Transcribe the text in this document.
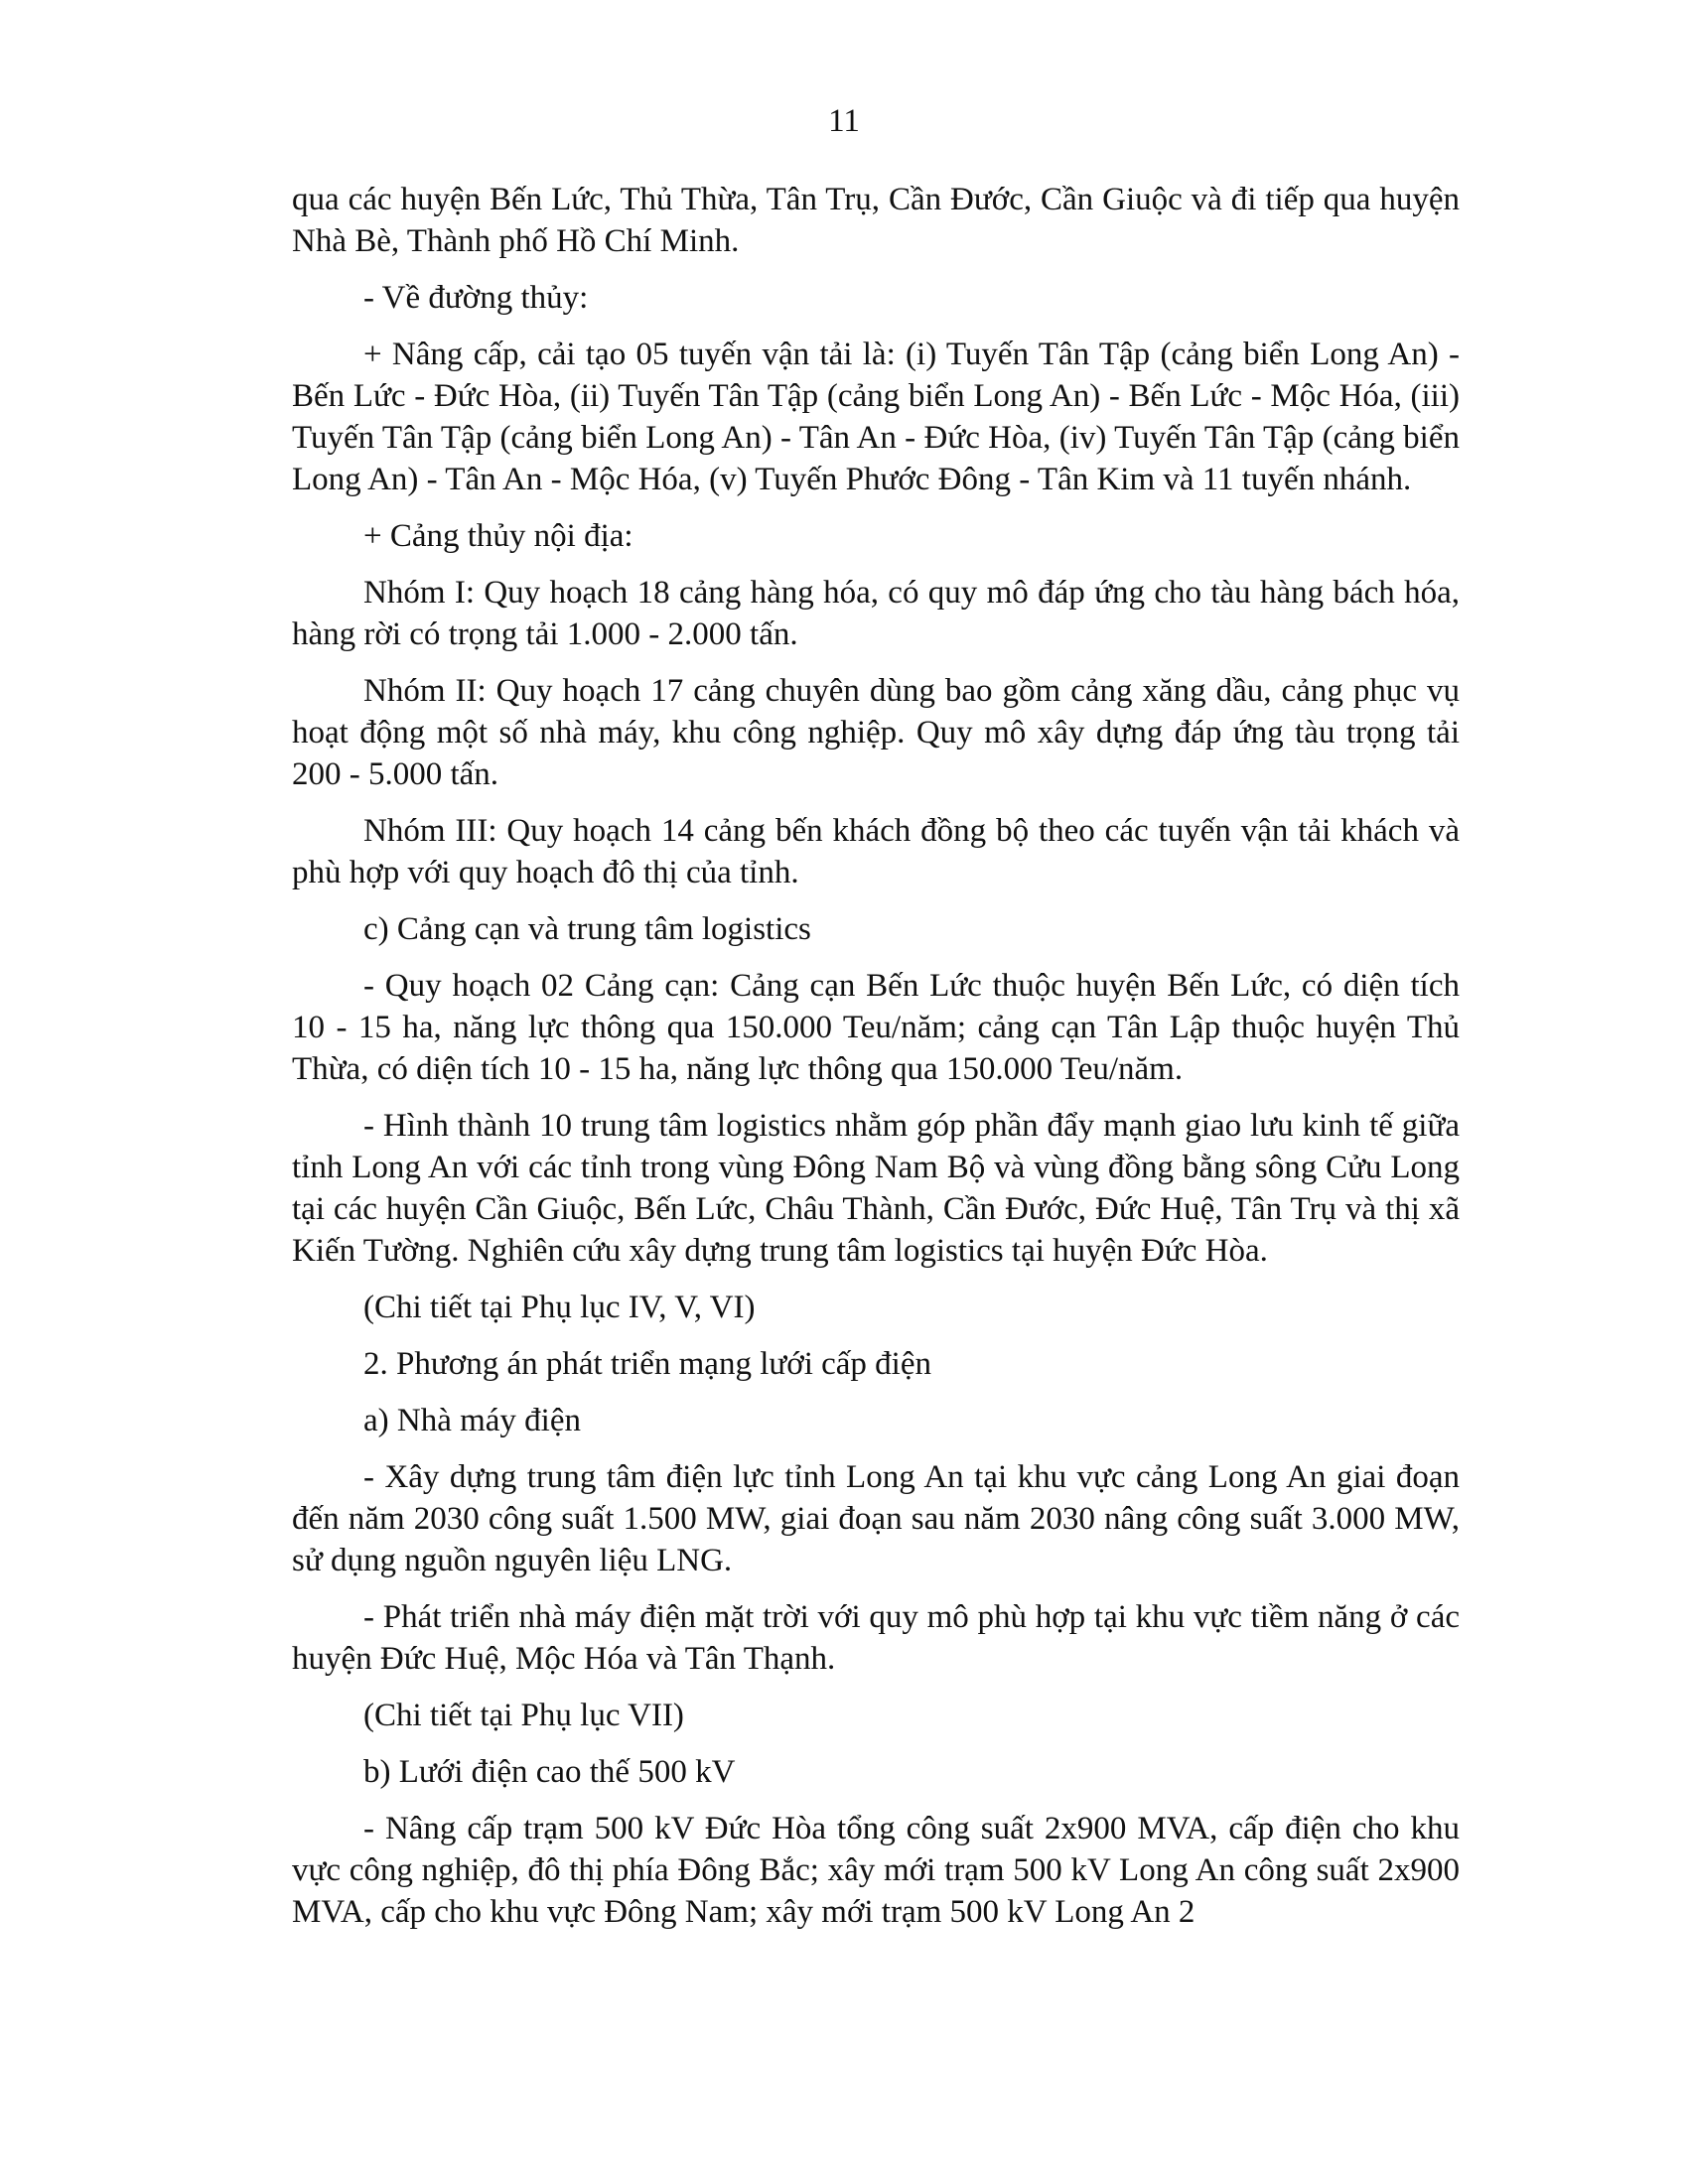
11

qua các huyện Bến Lức, Thủ Thừa, Tân Trụ, Cần Đước, Cần Giuộc và đi tiếp qua huyện Nhà Bè, Thành phố Hồ Chí Minh.

- Về đường thủy:

+ Nâng cấp, cải tạo 05 tuyến vận tải là: (i) Tuyến Tân Tập (cảng biển Long An) - Bến Lức - Đức Hòa, (ii) Tuyến Tân Tập (cảng biển Long An) - Bến Lức - Mộc Hóa, (iii) Tuyến Tân Tập (cảng biển Long An) - Tân An - Đức Hòa, (iv) Tuyến Tân Tập (cảng biển Long An) - Tân An - Mộc Hóa, (v) Tuyến Phước Đông - Tân Kim và 11 tuyến nhánh.

+ Cảng thủy nội địa:

Nhóm I: Quy hoạch 18 cảng hàng hóa, có quy mô đáp ứng cho tàu hàng bách hóa, hàng rời có trọng tải 1.000 - 2.000 tấn.

Nhóm II: Quy hoạch 17 cảng chuyên dùng bao gồm cảng xăng dầu, cảng phục vụ hoạt động một số nhà máy, khu công nghiệp. Quy mô xây dựng đáp ứng tàu trọng tải 200 - 5.000 tấn.

Nhóm III: Quy hoạch 14 cảng bến khách đồng bộ theo các tuyến vận tải khách và phù hợp với quy hoạch đô thị của tỉnh.

c) Cảng cạn và trung tâm logistics

- Quy hoạch 02 Cảng cạn: Cảng cạn Bến Lức thuộc huyện Bến Lức, có diện tích 10 - 15 ha, năng lực thông qua 150.000 Teu/năm; cảng cạn Tân Lập thuộc huyện Thủ Thừa, có diện tích 10 - 15 ha, năng lực thông qua 150.000 Teu/năm.

- Hình thành 10 trung tâm logistics nhằm góp phần đẩy mạnh giao lưu kinh tế giữa tỉnh Long An với các tỉnh trong vùng Đông Nam Bộ và vùng đồng bằng sông Cửu Long tại các huyện Cần Giuộc, Bến Lức, Châu Thành, Cần Đước, Đức Huệ, Tân Trụ và thị xã Kiến Tường. Nghiên cứu xây dựng trung tâm logistics tại huyện Đức Hòa.

(Chi tiết tại Phụ lục IV, V, VI)

2. Phương án phát triển mạng lưới cấp điện

a) Nhà máy điện

- Xây dựng trung tâm điện lực tỉnh Long An tại khu vực cảng Long An giai đoạn đến năm 2030 công suất 1.500 MW, giai đoạn sau năm 2030 nâng công suất 3.000 MW, sử dụng nguồn nguyên liệu LNG.

- Phát triển nhà máy điện mặt trời với quy mô phù hợp tại khu vực tiềm năng ở các huyện Đức Huệ, Mộc Hóa và Tân Thạnh.

(Chi tiết tại Phụ lục VII)

b) Lưới điện cao thế 500 kV

- Nâng cấp trạm 500 kV Đức Hòa tổng công suất 2x900 MVA, cấp điện cho khu vực công nghiệp, đô thị phía Đông Bắc; xây mới trạm 500 kV Long An công suất 2x900 MVA, cấp cho khu vực Đông Nam; xây mới trạm 500 kV Long An 2
